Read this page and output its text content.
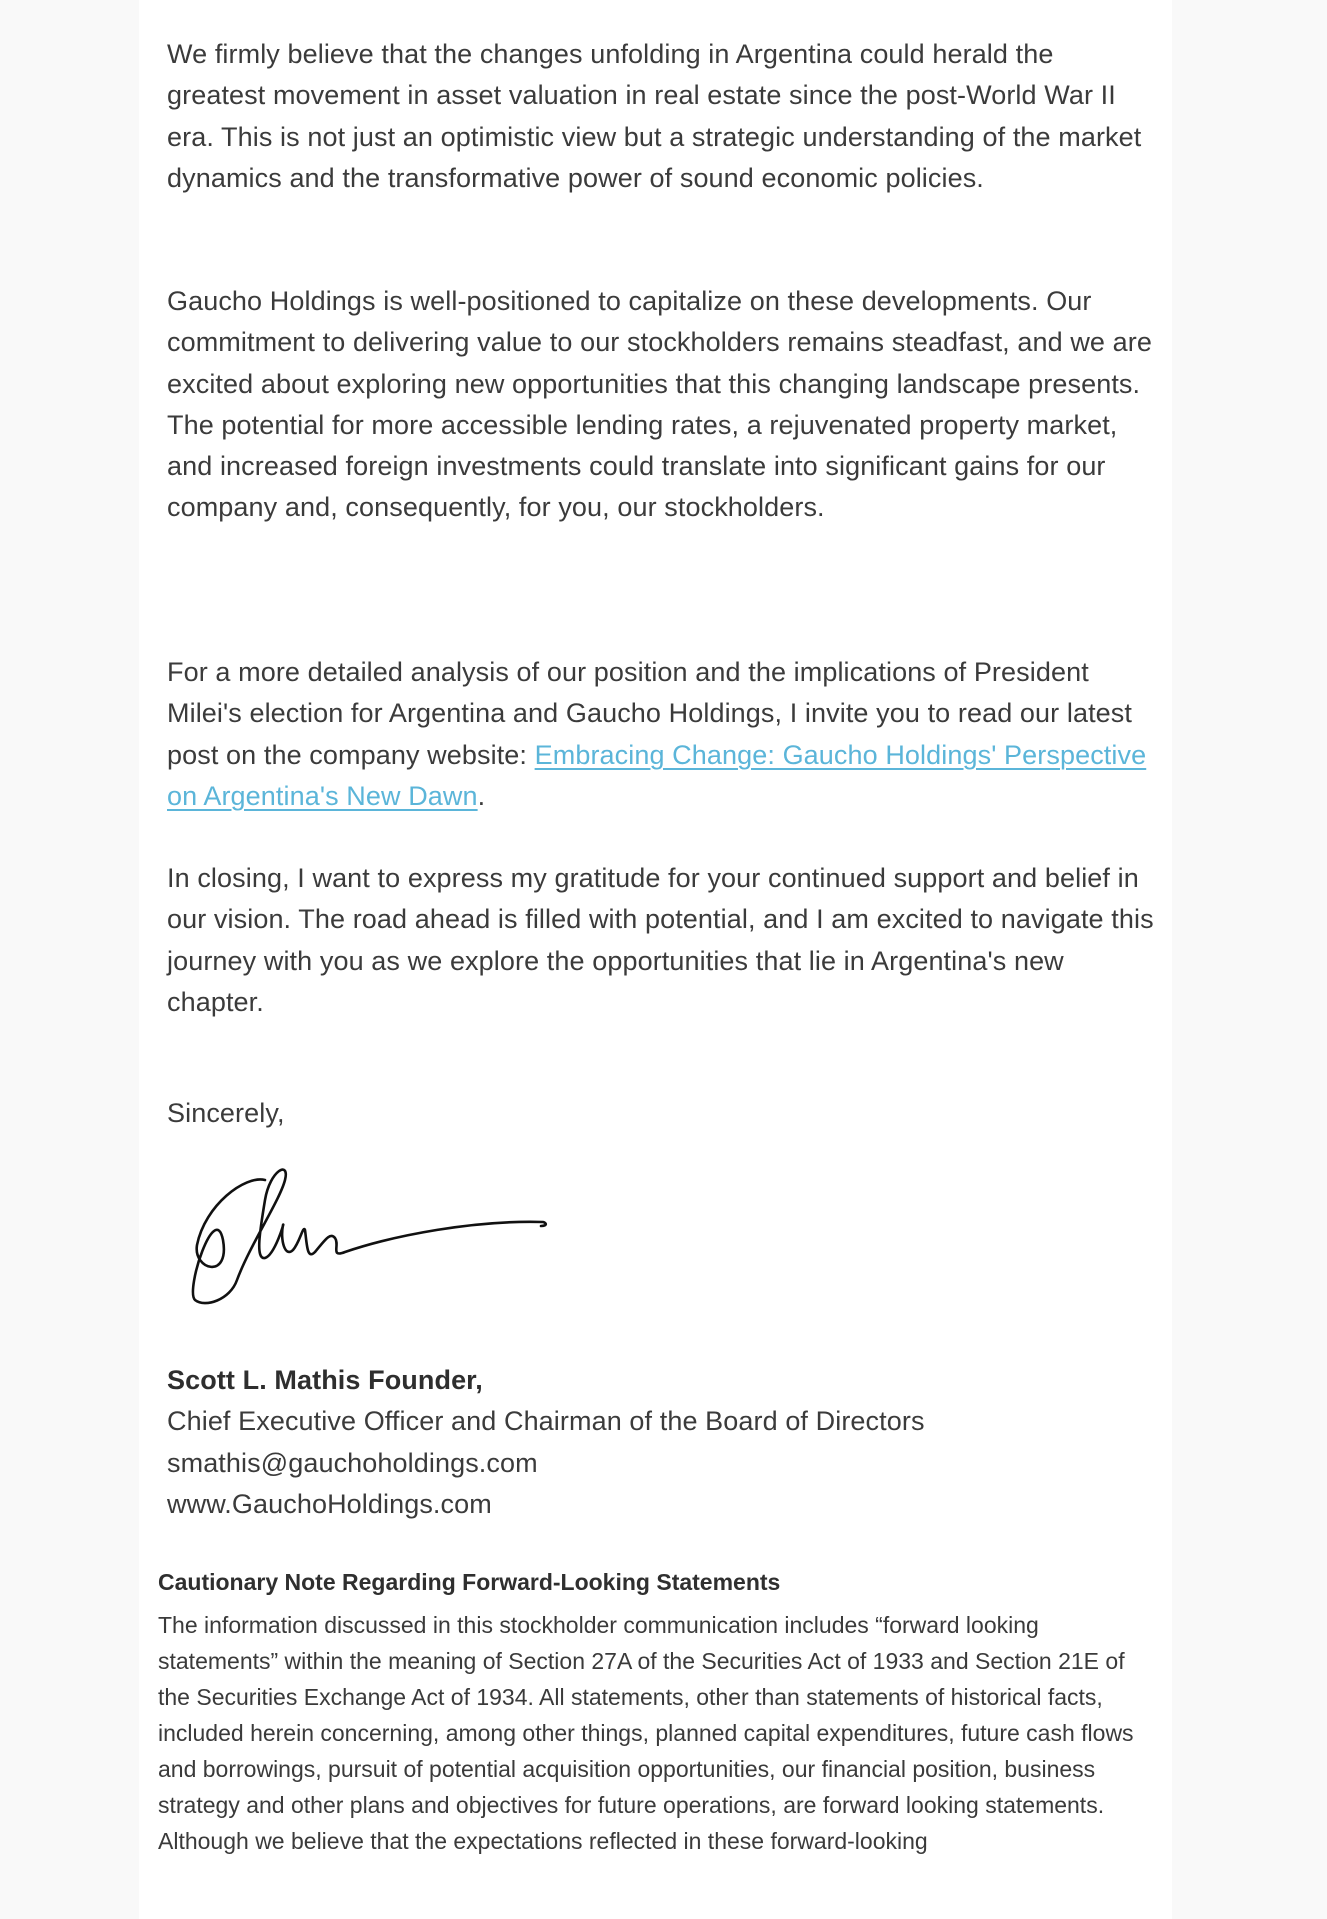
We firmly believe that the changes unfolding in Argentina could herald the greatest movement in asset valuation in real estate since the post-World War II era. This is not just an optimistic view but a strategic understanding of the market dynamics and the transformative power of sound economic policies.

Gaucho Holdings is well-positioned to capitalize on these developments. Our commitment to delivering value to our stockholders remains steadfast, and we are excited about exploring new opportunities that this changing landscape presents. The potential for more accessible lending rates, a rejuvenated property market, and increased foreign investments could translate into significant gains for our company and, consequently, for you, our stockholders.

For a more detailed analysis of our position and the implications of President Milei's election for Argentina and Gaucho Holdings, I invite you to read our latest post on the company website: Embracing Change: Gaucho Holdings' Perspective on Argentina's New Dawn.

In closing, I want to express my gratitude for your continued support and belief in our vision. The road ahead is filled with potential, and I am excited to navigate this journey with you as we explore the opportunities that lie in Argentina's new chapter.

Sincerely,

Scott L. Mathis Founder,

Chief Executive Officer and Chairman of the Board of Directors

smathis@gauchoholdings.com

www.GauchoHoldings.com

Cautionary Note Regarding Forward-Looking Statements

The information discussed in this stockholder communication includes “forward looking statements” within the meaning of Section 27A of the Securities Act of 1933 and Section 21E of the Securities Exchange Act of 1934. All statements, other than statements of historical facts, included herein concerning, among other things, planned capital expenditures, future cash flows and borrowings, pursuit of potential acquisition opportunities, our financial position, business strategy and other plans and objectives for future operations, are forward looking statements. Although we believe that the expectations reflected in these forward-looking
